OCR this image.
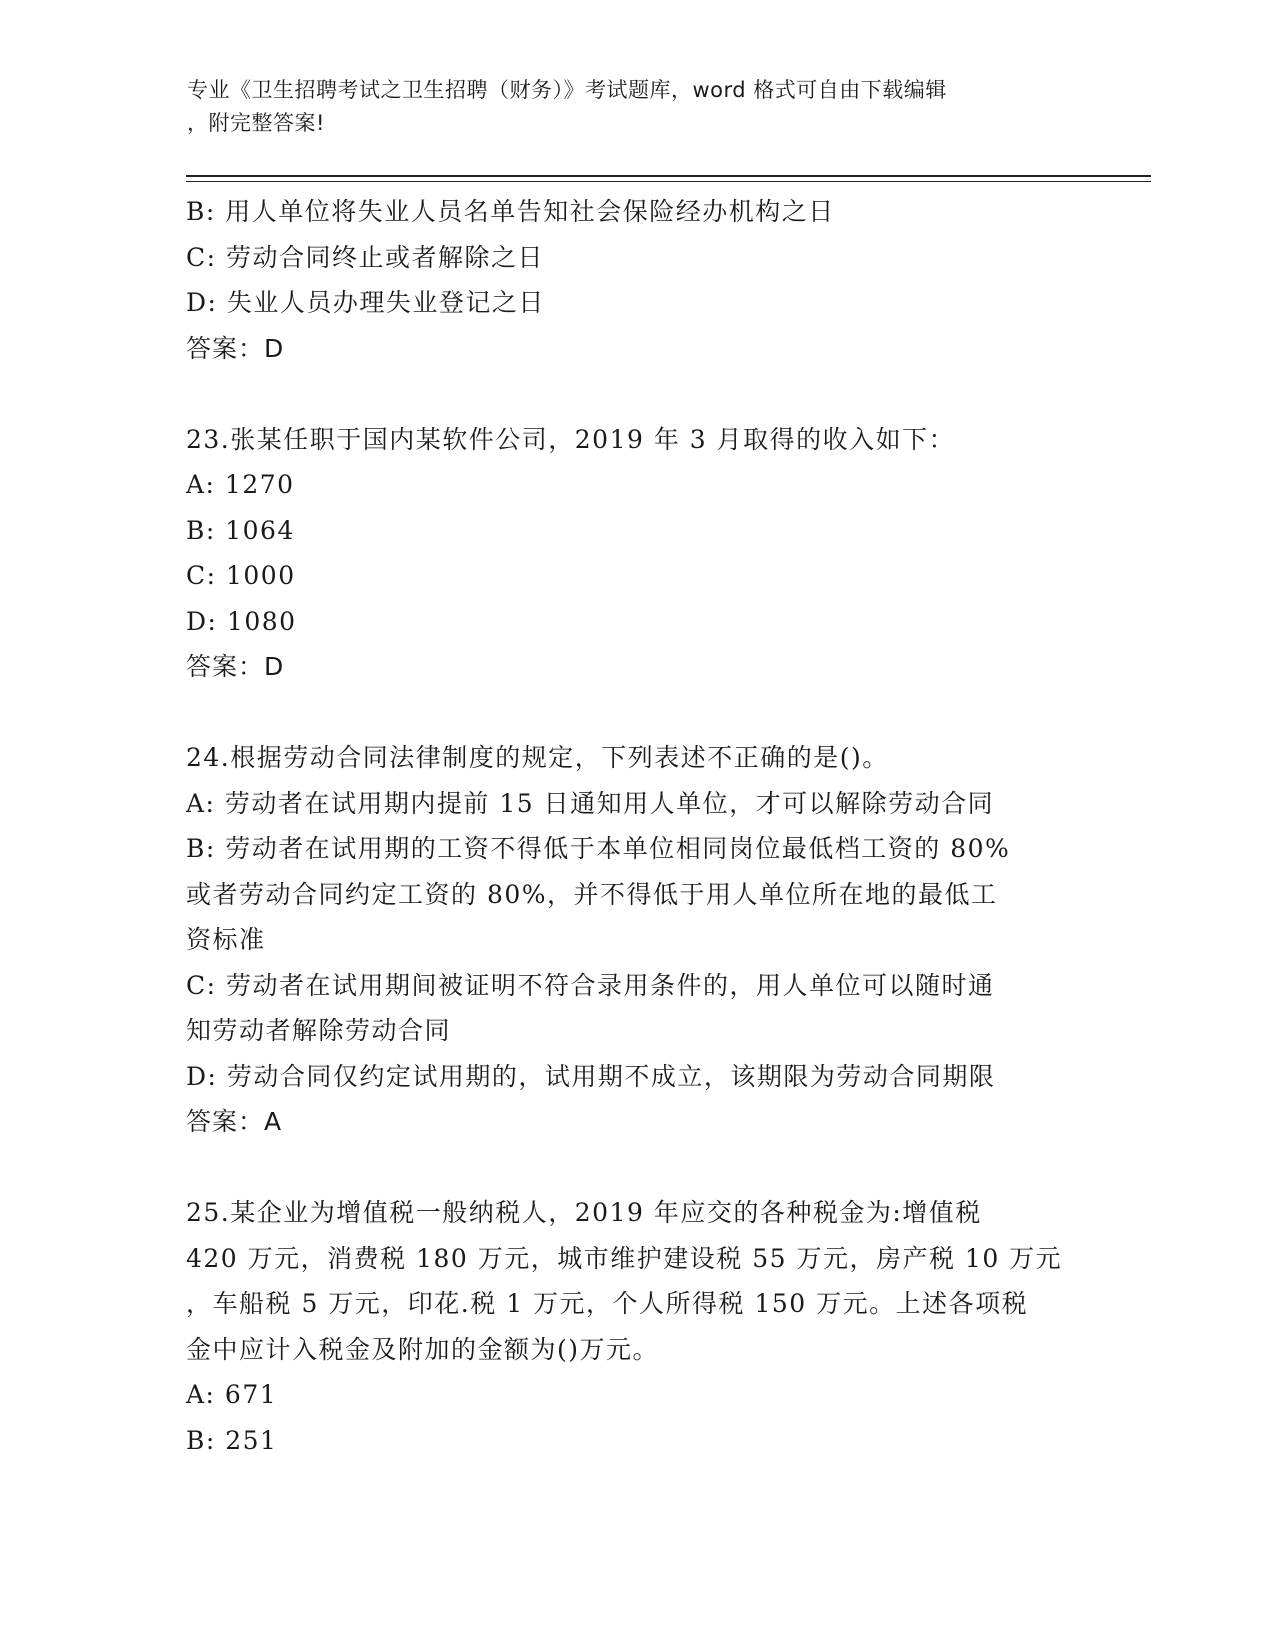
专业《卫生招聘考试之卫生招聘（财务）》考试题库，word 格式可自由下载编辑
，附完整答案!
B: 用人单位将失业人员名单告知社会保险经办机构之日
C: 劳动合同终止或者解除之日
D: 失业人员办理失业登记之日
答案：D
23.张某任职于国内某软件公司，2019 年 3 月取得的收入如下：
A: 1270
B: 1064
C: 1000
D: 1080
答案：D
24.根据劳动合同法律制度的规定，下列表述不正确的是()。
A: 劳动者在试用期内提前 15 日通知用人单位，才可以解除劳动合同
B: 劳动者在试用期的工资不得低于本单位相同岗位最低档工资的 80%
或者劳动合同约定工资的 80%，并不得低于用人单位所在地的最低工
资标准
C: 劳动者在试用期间被证明不符合录用条件的，用人单位可以随时通
知劳动者解除劳动合同
D: 劳动合同仅约定试用期的，试用期不成立，该期限为劳动合同期限
答案：A
25.某企业为增值税一般纳税人，2019 年应交的各种税金为:增值税
420 万元，消费税 180 万元，城市维护建设税 55 万元，房产税 10 万元
，车船税 5 万元，印花.税 1 万元，个人所得税 150 万元。上述各项税
金中应计入税金及附加的金额为()万元。
A: 671
B: 251
